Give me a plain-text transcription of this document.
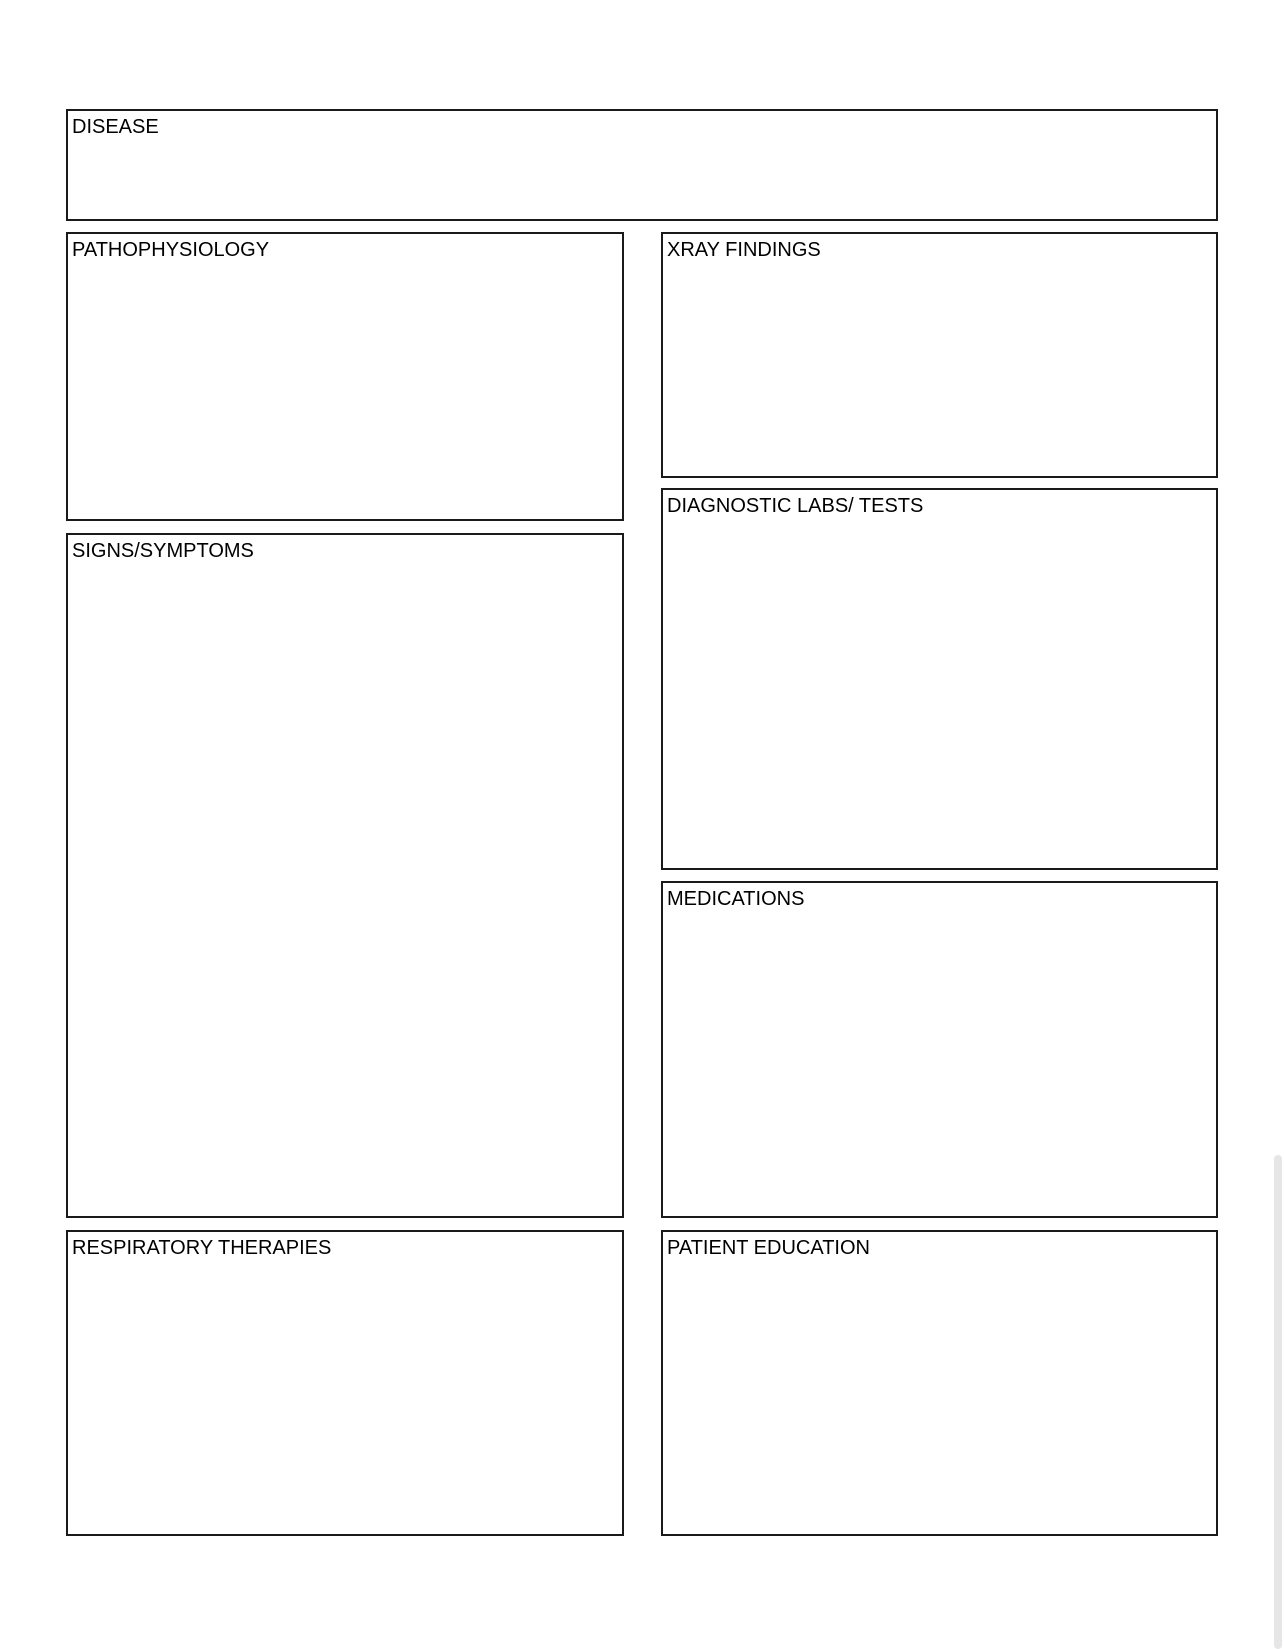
DISEASE
PATHOPHYSIOLOGY	XRAY FINDINGS
DIAGNOSTIC LABS/ TESTS
SIGNS/SYMPTOMS
MEDICATIONS
RESPIRATORY THERAPIES	PATIENT EDUCATION
